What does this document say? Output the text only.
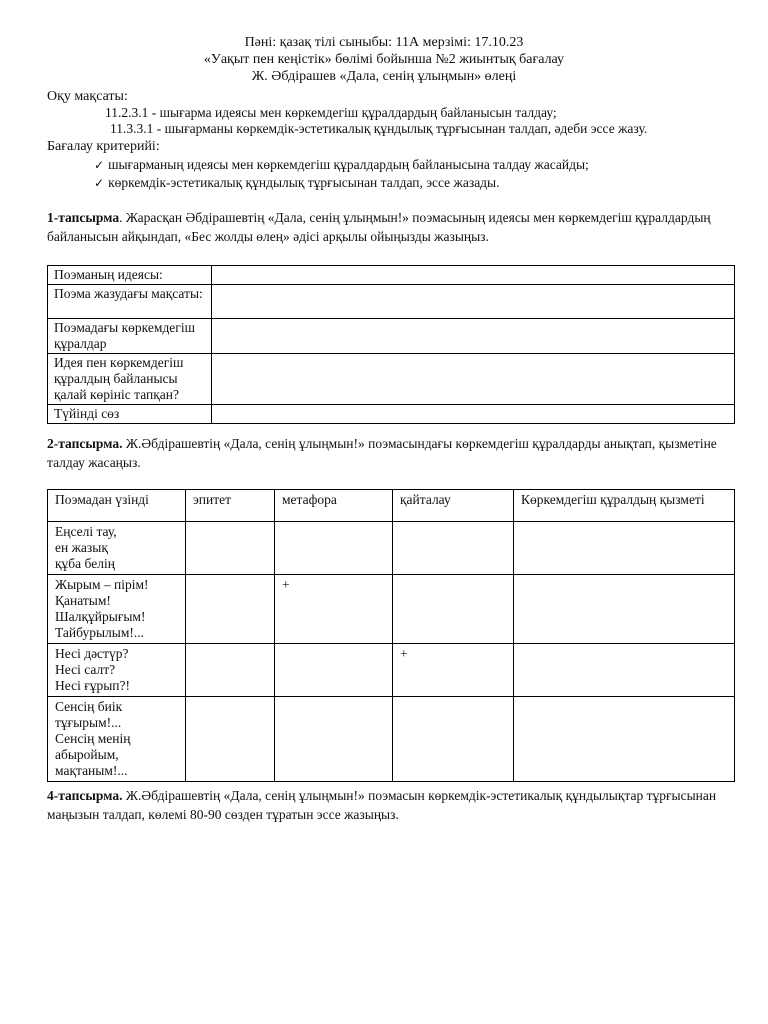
Пәні: қазақ тілі сыныбы: 11А мерзімі: 17.10.23
«Уақыт пен кеңістік» бөлімі бойынша №2 жиынтық бағалау
Ж. Әбдірашев «Дала, сенің ұлыңмын» өлеңі
Оқу мақсаты:
11.2.3.1 - шығарма идеясы мен көркемдегіш құралдардың байланысын талдау;
11.3.3.1 - шығарманы көркемдік-эстетикалық құндылық тұрғысынан талдап, әдеби эссе жазу.
Бағалау критерийі:
✓ шығарманың идеясы мен көркемдегіш құралдардың байланысына талдау жасайды;
✓ көркемдік-эстетикалық құндылық тұрғысынан талдап, эссе жазады.
1-тапсырма. Жарасқан Әбдірашевтің «Дала, сенің ұлыңмын!» поэмасының идеясы мен көркемдегіш құралдардың байланысын айқындап, «Бес жолды өлең» әдісі арқылы ойыңызды жазыңыз.
Поэманың идеясы:	
Поэма жазудағы мақсаты:	
Поэмадағы көркемдегіш құралдар	
Идея пен көркемдегіш құралдың байланысы қалай көрініс тапқан?	
Түйінді сөз	
2-тапсырма. Ж.Әбдірашевтің «Дала, сенің ұлыңмын!» поэмасындағы көркемдегіш құралдарды анықтап, қызметіне талдау жасаңыз.
Поэмадан үзінді	эпитет	метафора	қайталау	Көркемдегіш құралдың қызметі

Еңселі тау,
ен жазық
құба белің				

Жырым – пірім!
Қанатым!
Шалқұйрығым!
Тайбурылым!...		+		

Несі дәстүр?
Несі салт?
Несі ғұрып?!			+	

Сенсің биік
тұғырым!...
Сенсің менің
абыройым,
мақтаным!...				

4-тапсырма. Ж.Әбдірашевтің «Дала, сенің ұлыңмын!» поэмасын көркемдік-эстетикалық құндылықтар тұрғысынан маңызын талдап, көлемі 80-90 сөзден тұратын эссе жазыңыз.
